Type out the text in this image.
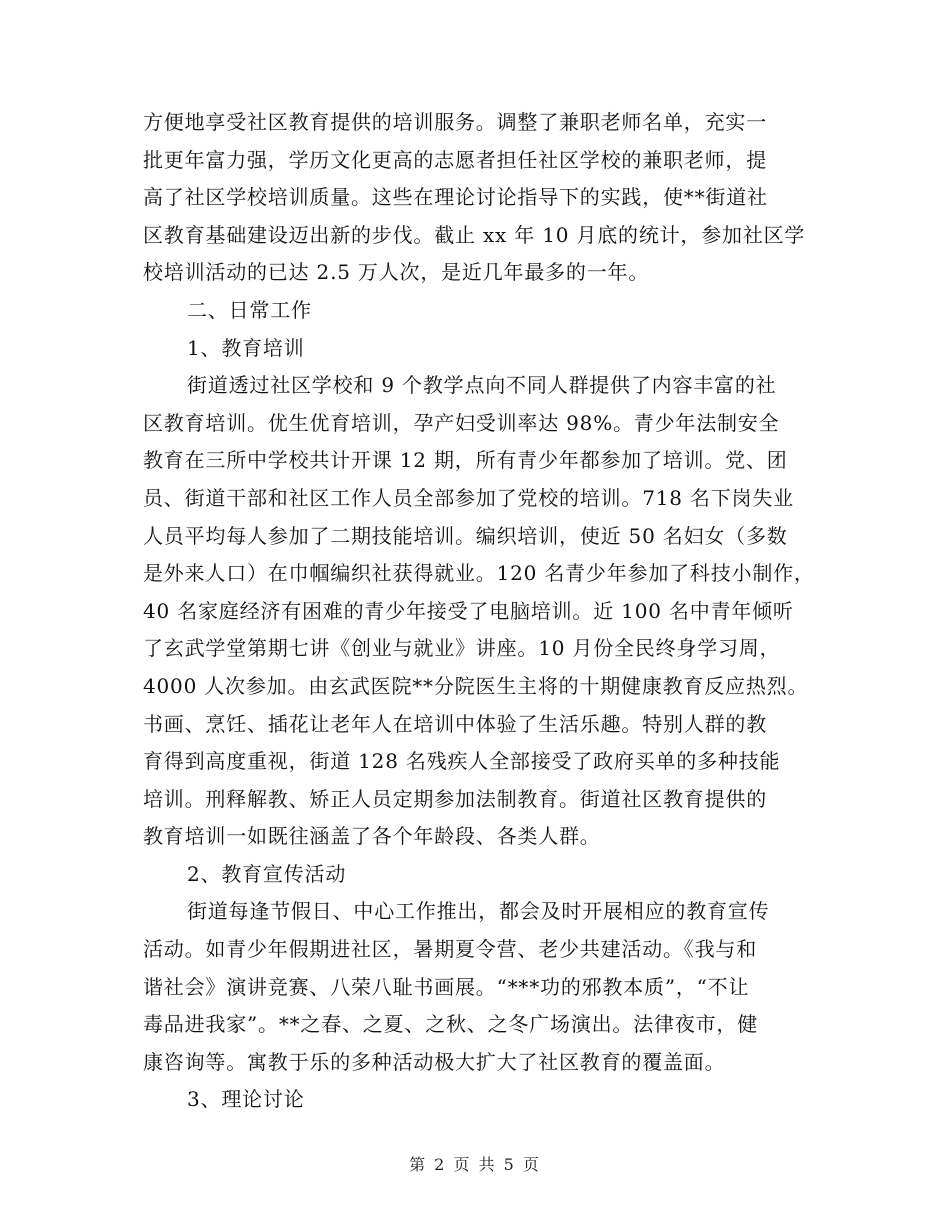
方便地享受社区教育提供的培训服务。调整了兼职老师名单，充实一
批更年富力强，学历文化更高的志愿者担任社区学校的兼职老师，提
高了社区学校培训质量。这些在理论讨论指导下的实践，使**街道社
区教育基础建设迈出新的步伐。截止 xx 年 10 月底的统计，参加社区学
校培训活动的已达 2.5 万人次，是近几年最多的一年。
二、日常工作
1、教育培训
街道透过社区学校和 9 个教学点向不同人群提供了内容丰富的社
区教育培训。优生优育培训，孕产妇受训率达 98%。青少年法制安全
教育在三所中学校共计开课 12 期，所有青少年都参加了培训。党、团
员、街道干部和社区工作人员全部参加了党校的培训。718 名下岗失业
人员平均每人参加了二期技能培训。编织培训，使近 50 名妇女（多数
是外来人口）在巾帼编织社获得就业。120 名青少年参加了科技小制作，
40 名家庭经济有困难的青少年接受了电脑培训。近 100 名中青年倾听
了玄武学堂第期七讲《创业与就业》讲座。10 月份全民终身学习周，
4000 人次参加。由玄武医院**分院医生主将的十期健康教育反应热烈。
书画、烹饪、插花让老年人在培训中体验了生活乐趣。特别人群的教
育得到高度重视，街道 128 名残疾人全部接受了政府买单的多种技能
培训。刑释解教、矫正人员定期参加法制教育。街道社区教育提供的
教育培训一如既往涵盖了各个年龄段、各类人群。
2、教育宣传活动
街道每逢节假日、中心工作推出，都会及时开展相应的教育宣传
活动。如青少年假期进社区，暑期夏令营、老少共建活动。《我与和
谐社会》演讲竞赛、八荣八耻书画展。“***功的邪教本质”，“不让
毒品进我家”。**之春、之夏、之秋、之冬广场演出。法律夜市，健
康咨询等。寓教于乐的多种活动极大扩大了社区教育的覆盖面。
3、理论讨论
第 2 页 共 5 页
